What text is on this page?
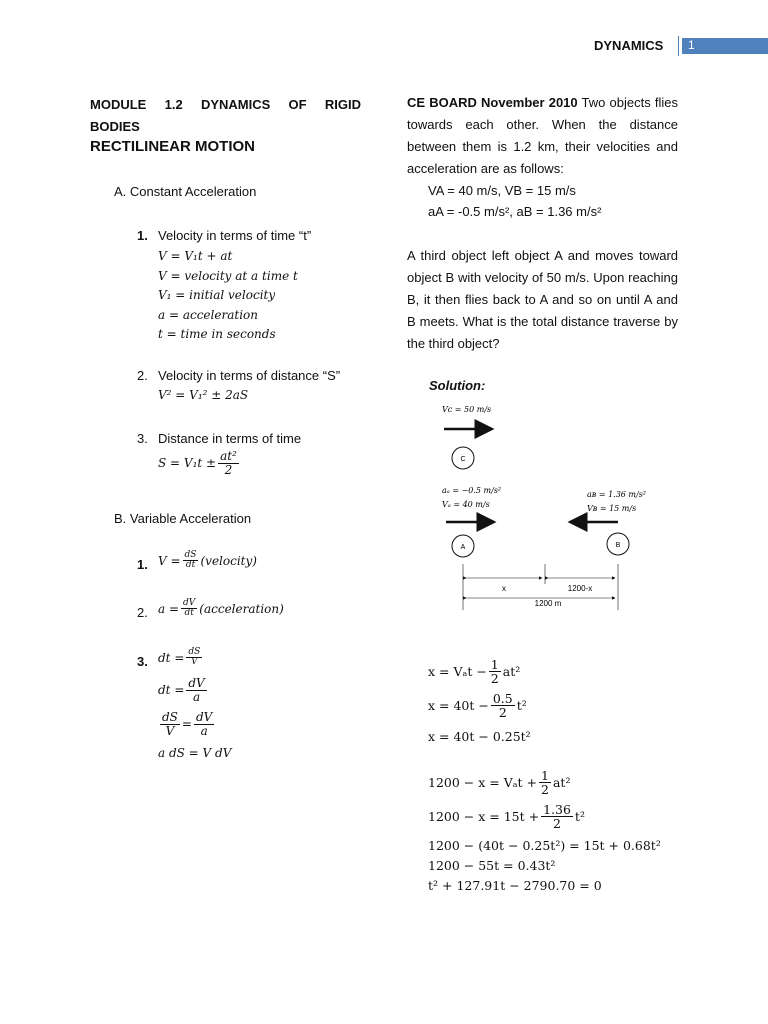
DYNAMICS 1
MODULE 1.2 DYNAMICS OF RIGID BODIES
RECTILINEAR MOTION
A. Constant Acceleration
1. Velocity in terms of time “t”
V = V₁t + at
V = velocity at a time t
V₁ = initial velocity
a = acceleration
t = time in seconds
2. Velocity in terms of distance “S”
V² = V₁² ± 2aS
3. Distance in terms of time
$S = V_1t \pm \frac{\text{at²}}{2}$
B. Variable Acceleration
1. $V = \frac{dS}{dt}$ (velocity)
2. $a = \frac{dV}{dt}$ (acceleration)
3. dt = $\frac{dS}{V}$
dt = $\frac{dV}{a}$
$\frac{dS}{V} = \frac{dV}{a}$
a dS = V dV
CE BOARD November 2010 Two objects flies towards each other. When the distance between them is 1.2 km, their velocities and acceleration are as follows:
VA = 40 m/s, VB = 15 m/s
aA = -0.5 m/s², aB = 1.36 m/s²
A third object left object A and moves toward object B with velocity of 50 m/s. Upon reaching B, it then flies back to A and so on until A and B meets. What is the total distance traverse by the third object?
Solution:
Vᴄ = 50 m/s
C
aₐ = −0.5 m/s²
Vₐ = 40 m/s
aʙ = 1.36 m/s²
Vʙ = 15 m/s
A	B
x	1200-x
1200 m
$x = V_at - \frac{1}{2} at^2$
$x = 40t - \frac{0.5}{2} t^2$
x = 40t − 0.25t²
$1200 - x = V_at + \frac{1}{2} at^2$
$1200 - x = 15t + \frac{1.36}{2} t^2$
1200 − (40t − 0.25t²) = 15t + 0.68t²
1200 − 55t = 0.43t²
t² + 127.91t − 2790.70 = 0
